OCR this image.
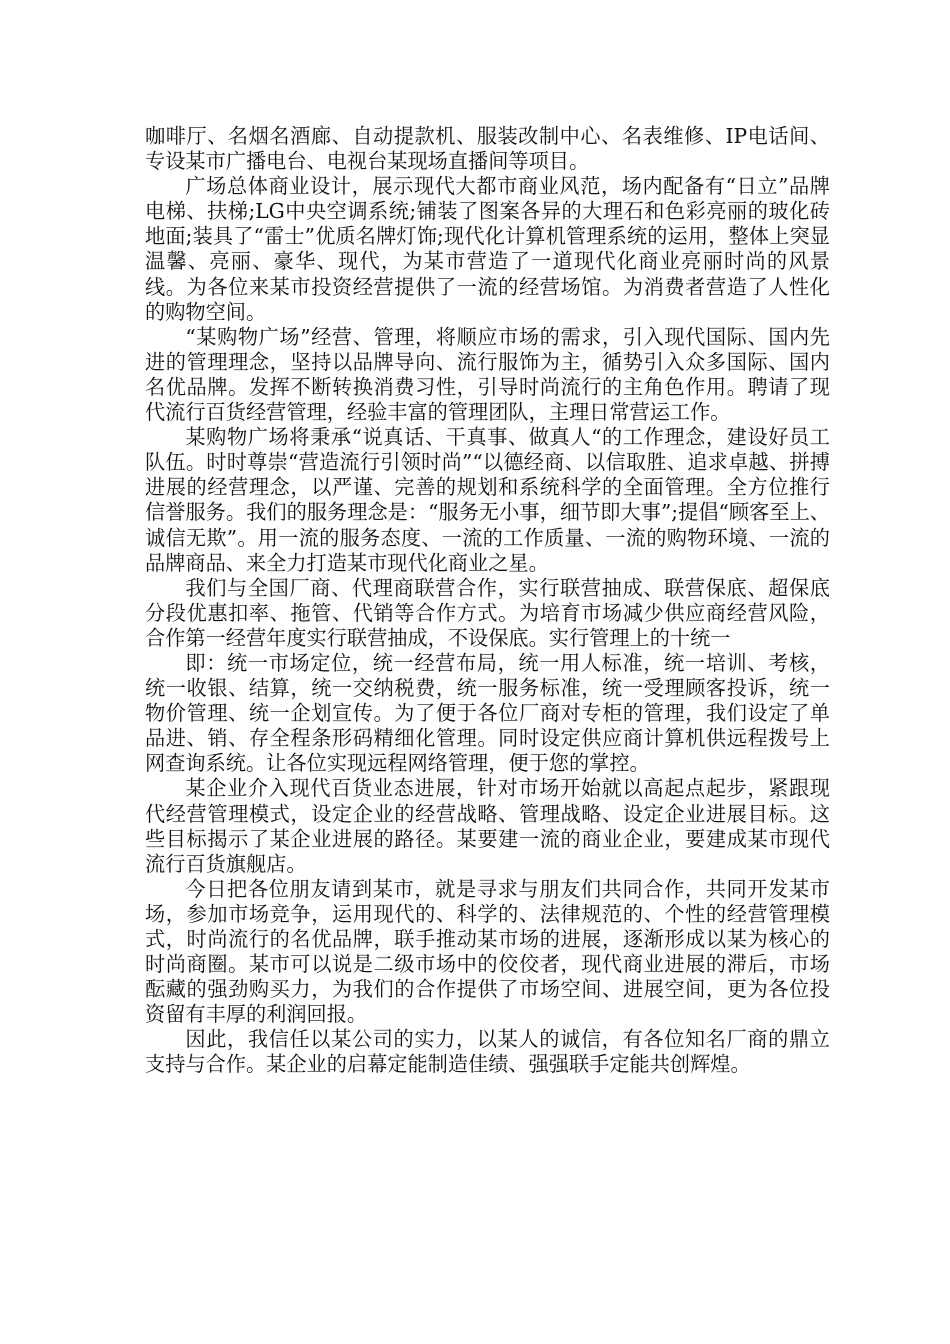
咖啡厅、名烟名酒廊、自动提款机、服装改制中心、名表维修、IP电话间、专设某市广播电台、电视台某现场直播间等项目。

广场总体商业设计，展示现代大都市商业风范，场内配备有“日立”品牌电梯、扶梯;LG中央空调系统;铺装了图案各异的大理石和色彩亮丽的玻化砖地面;装具了“雷士”优质名牌灯饰;现代化计算机管理系统的运用，整体上突显温馨、亮丽、豪华、现代，为某市营造了一道现代化商业亮丽时尚的风景线。为各位来某市投资经营提供了一流的经营场馆。为消费者营造了人性化的购物空间。

“某购物广场”经营、管理，将顺应市场的需求，引入现代国际、国内先进的管理理念，坚持以品牌导向、流行服饰为主，循势引入众多国际、国内名优品牌。发挥不断转换消费习性，引导时尚流行的主角色作用。聘请了现代流行百货经营管理，经验丰富的管理团队，主理日常营运工作。

某购物广场将秉承“说真话、干真事、做真人“的工作理念，建设好员工队伍。时时尊崇“营造流行引领时尚”“以德经商、以信取胜、追求卓越、拼搏进展的经营理念，以严谨、完善的规划和系统科学的全面管理。全方位推行信誉服务。我们的服务理念是：“服务无小事，细节即大事”;提倡“顾客至上、诚信无欺”。用一流的服务态度、一流的工作质量、一流的购物环境、一流的品牌商品、来全力打造某市现代化商业之星。

我们与全国厂商、代理商联营合作，实行联营抽成、联营保底、超保底分段优惠扣率、拖管、代销等合作方式。为培育市场减少供应商经营风险，合作第一经营年度实行联营抽成，不设保底。实行管理上的十统一

即：统一市场定位，统一经营布局，统一用人标准，统一培训、考核，统一收银、结算，统一交纳税费，统一服务标准，统一受理顾客投诉，统一物价管理、统一企划宣传。为了便于各位厂商对专柜的管理，我们设定了单品进、销、存全程条形码精细化管理。同时设定供应商计算机供远程拨号上网查询系统。让各位实现远程网络管理，便于您的掌控。

某企业介入现代百货业态进展，针对市场开始就以高起点起步，紧跟现代经营管理模式，设定企业的经营战略、管理战略、设定企业进展目标。这些目标揭示了某企业进展的路径。某要建一流的商业企业，要建成某市现代流行百货旗舰店。

今日把各位朋友请到某市，就是寻求与朋友们共同合作，共同开发某市场，参加市场竞争，运用现代的、科学的、法律规范的、个性的经营管理模式，时尚流行的名优品牌，联手推动某市场的进展，逐渐形成以某为核心的时尚商圈。某市可以说是二级市场中的佼佼者，现代商业进展的滞后，市场酝藏的强劲购买力，为我们的合作提供了市场空间、进展空间，更为各位投资留有丰厚的利润回报。

因此，我信任以某公司的实力，以某人的诚信，有各位知名厂商的鼎立支持与合作。某企业的启幕定能制造佳绩、强强联手定能共创辉煌。
